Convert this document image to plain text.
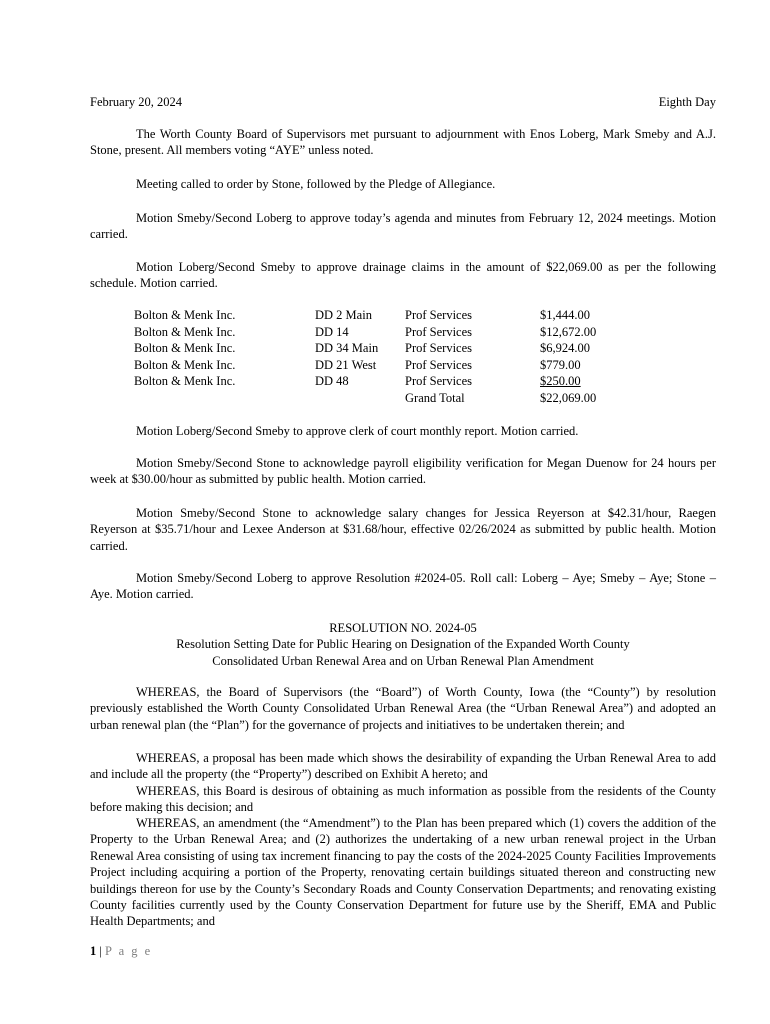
February 20, 2024	Eighth Day

The Worth County Board of Supervisors met pursuant to adjournment with Enos Loberg, Mark Smeby and A.J. Stone, present. All members voting “AYE” unless noted.

Meeting called to order by Stone, followed by the Pledge of Allegiance.

Motion Smeby/Second Loberg to approve today’s agenda and minutes from February 12, 2024 meetings. Motion carried.

Motion Loberg/Second Smeby to approve drainage claims in the amount of $22,069.00 as per the following schedule. Motion carried.

Bolton & Menk Inc.	DD 2 Main	Prof Services	$1,444.00
Bolton & Menk Inc.	DD 14	Prof Services	$12,672.00
Bolton & Menk Inc.	DD 34 Main	Prof Services	$6,924.00
Bolton & Menk Inc.	DD 21 West	Prof Services	$779.00
Bolton & Menk Inc.	DD 48	Prof Services	$250.00
		Grand Total	$22,069.00

Motion Loberg/Second Smeby to approve clerk of court monthly report. Motion carried.

Motion Smeby/Second Stone to acknowledge payroll eligibility verification for Megan Duenow for 24 hours per week at $30.00/hour as submitted by public health. Motion carried.

Motion Smeby/Second Stone to acknowledge salary changes for Jessica Reyerson at $42.31/hour, Raegen Reyerson at $35.71/hour and Lexee Anderson at $31.68/hour, effective 02/26/2024 as submitted by public health. Motion carried.

Motion Smeby/Second Loberg to approve Resolution #2024-05. Roll call: Loberg – Aye; Smeby – Aye; Stone – Aye. Motion carried.

RESOLUTION NO. 2024-05
Resolution Setting Date for Public Hearing on Designation of the Expanded Worth County
Consolidated Urban Renewal Area and on Urban Renewal Plan Amendment

WHEREAS, the Board of Supervisors (the “Board”) of Worth County, Iowa (the “County”) by resolution previously established the Worth County Consolidated Urban Renewal Area (the “Urban Renewal Area”) and adopted an urban renewal plan (the “Plan”) for the governance of projects and initiatives to be undertaken therein; and

WHEREAS, a proposal has been made which shows the desirability of expanding the Urban Renewal Area to add and include all the property (the “Property”) described on Exhibit A hereto; and

WHEREAS, this Board is desirous of obtaining as much information as possible from the residents of the County before making this decision; and

WHEREAS, an amendment (the “Amendment”) to the Plan has been prepared which (1) covers the addition of the Property to the Urban Renewal Area; and (2) authorizes the undertaking of a new urban renewal project in the Urban Renewal Area consisting of using tax increment financing to pay the costs of the 2024-2025 County Facilities Improvements Project including acquiring a portion of the Property, renovating certain buildings situated thereon and constructing new buildings thereon for use by the County’s Secondary Roads and County Conservation Departments; and renovating existing County facilities currently used by the County Conservation Department for future use by the Sheriff, EMA and Public Health Departments; and

1 | P a g e
